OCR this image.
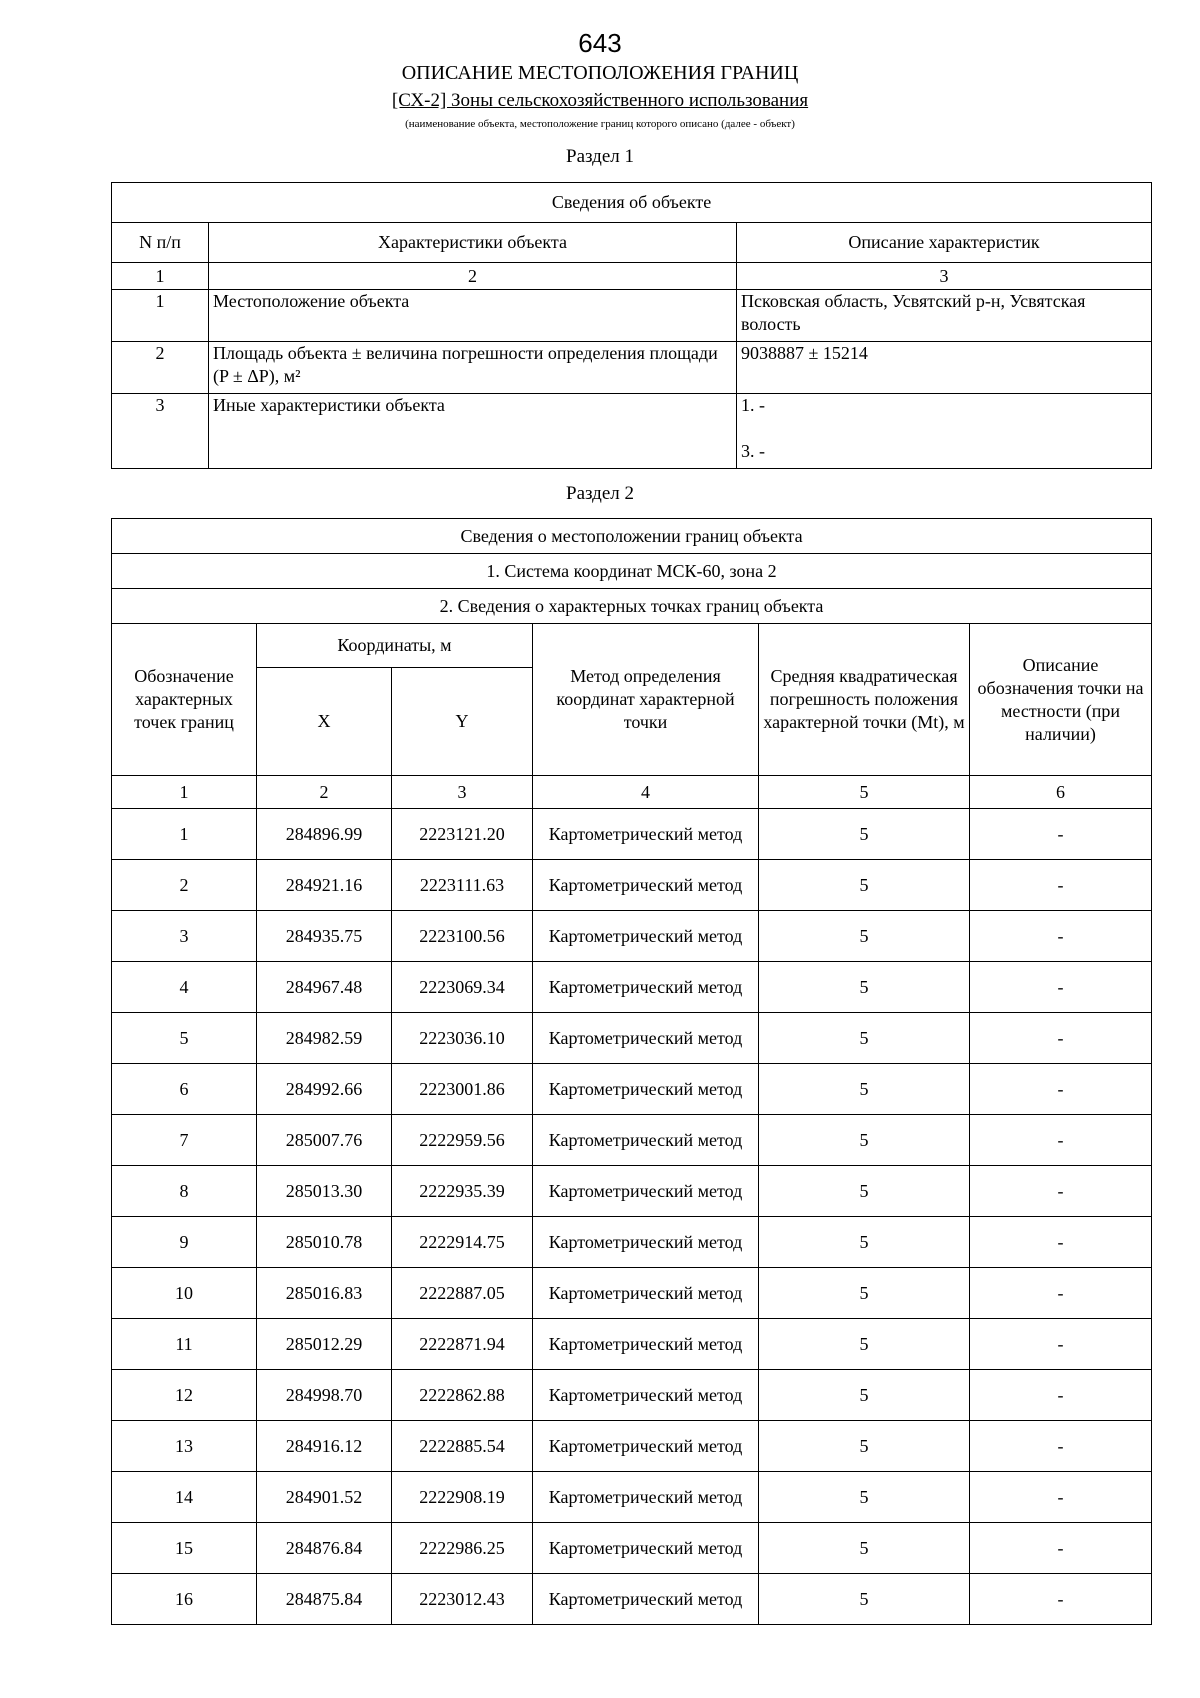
643
ОПИСАНИЕ МЕСТОПОЛОЖЕНИЯ ГРАНИЦ
[СХ-2] Зоны сельскохозяйственного использования
(наименование объекта, местоположение границ которого описано (далее - объект)
Раздел 1
Сведения об объекте		
N п/п	Характеристики объекта	Описание характеристик
1	2	3
1	Местоположение объекта	Псковская область, Усвятский р-н, Усвятская волость
2	Площадь объекта ± величина погрешности определения площади (P ± ΔP), м²	9038887 ± 15214
3	Иные характеристики объекта	1. -
3. -
Раздел 2
Сведения о местоположении границ объекта					
1. Система координат МСК-60, зона 2					
2. Сведения о характерных точках границ объекта					
Обозначение характерных точек границ	Координаты, м		Метод определения координат характерной точки	Средняя квадратическая погрешность положения характерной точки (Mt), м	Описание обозначения точки на местности (при наличии)
	X	Y			
1	2	3	4	5	6
1	284896.99	2223121.20	Картометрический метод	5	-
2	284921.16	2223111.63	Картометрический метод	5	-
3	284935.75	2223100.56	Картометрический метод	5	-
4	284967.48	2223069.34	Картометрический метод	5	-
5	284982.59	2223036.10	Картометрический метод	5	-
6	284992.66	2223001.86	Картометрический метод	5	-
7	285007.76	2222959.56	Картометрический метод	5	-
8	285013.30	2222935.39	Картометрический метод	5	-
9	285010.78	2222914.75	Картометрический метод	5	-
10	285016.83	2222887.05	Картометрический метод	5	-
11	285012.29	2222871.94	Картометрический метод	5	-
12	284998.70	2222862.88	Картометрический метод	5	-
13	284916.12	2222885.54	Картометрический метод	5	-
14	284901.52	2222908.19	Картометрический метод	5	-
15	284876.84	2222986.25	Картометрический метод	5	-
16	284875.84	2223012.43	Картометрический метод	5	-
